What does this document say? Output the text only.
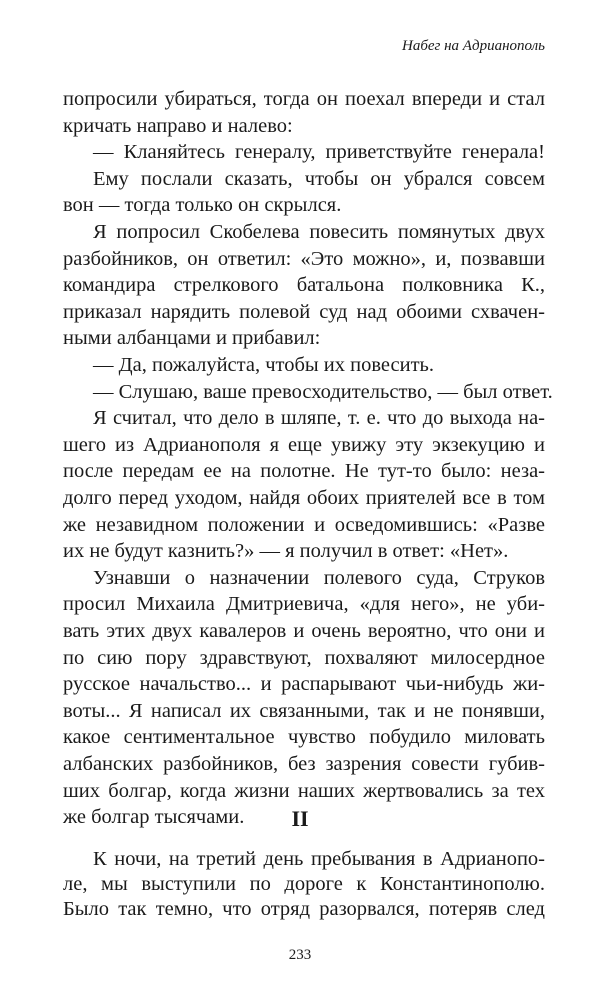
Набег на Адрианополь
попросили убираться, тогда он поехал впереди и стал
кричать направо и налево:
— Кланяйтесь генералу, приветствуйте генерала!
Ему послали сказать, чтобы он убрался совсем
вон — тогда только он скрылся.
Я попросил Скобелева повесить помянутых двух
разбойников, он ответил: «Это можно», и, позвавши
командира стрелкового батальона полковника К.,
приказал нарядить полевой суд над обоими схвачен-
ными албанцами и прибавил:
— Да, пожалуйста, чтобы их повесить.
— Слушаю, ваше превосходительство, — был ответ.
Я считал, что дело в шляпе, т. е. что до выхода на-
шего из Адрианополя я еще увижу эту экзекуцию и
после передам ее на полотне. Не тут-то было: неза-
долго перед уходом, найдя обоих приятелей все в том
же незавидном положении и осведомившись: «Разве
их не будут казнить?» — я получил в ответ: «Нет».
Узнавши о назначении полевого суда, Струков
просил Михаила Дмитриевича, «для него», не уби-
вать этих двух кавалеров и очень вероятно, что они и
по сию пору здравствуют, похваляют милосердное
русское начальство... и распарывают чьи-нибудь жи-
воты... Я написал их связанными, так и не понявши,
какое сентиментальное чувство побудило миловать
албанских разбойников, без зазрения совести губив-
ших болгар, когда жизни наших жертвовались за тех
же болгар тысячами.	II
К ночи, на третий день пребывания в Адрианопо-
ле, мы выступили по дороге к Константинополю.
Было так темно, что отряд разорвался, потеряв след
233
